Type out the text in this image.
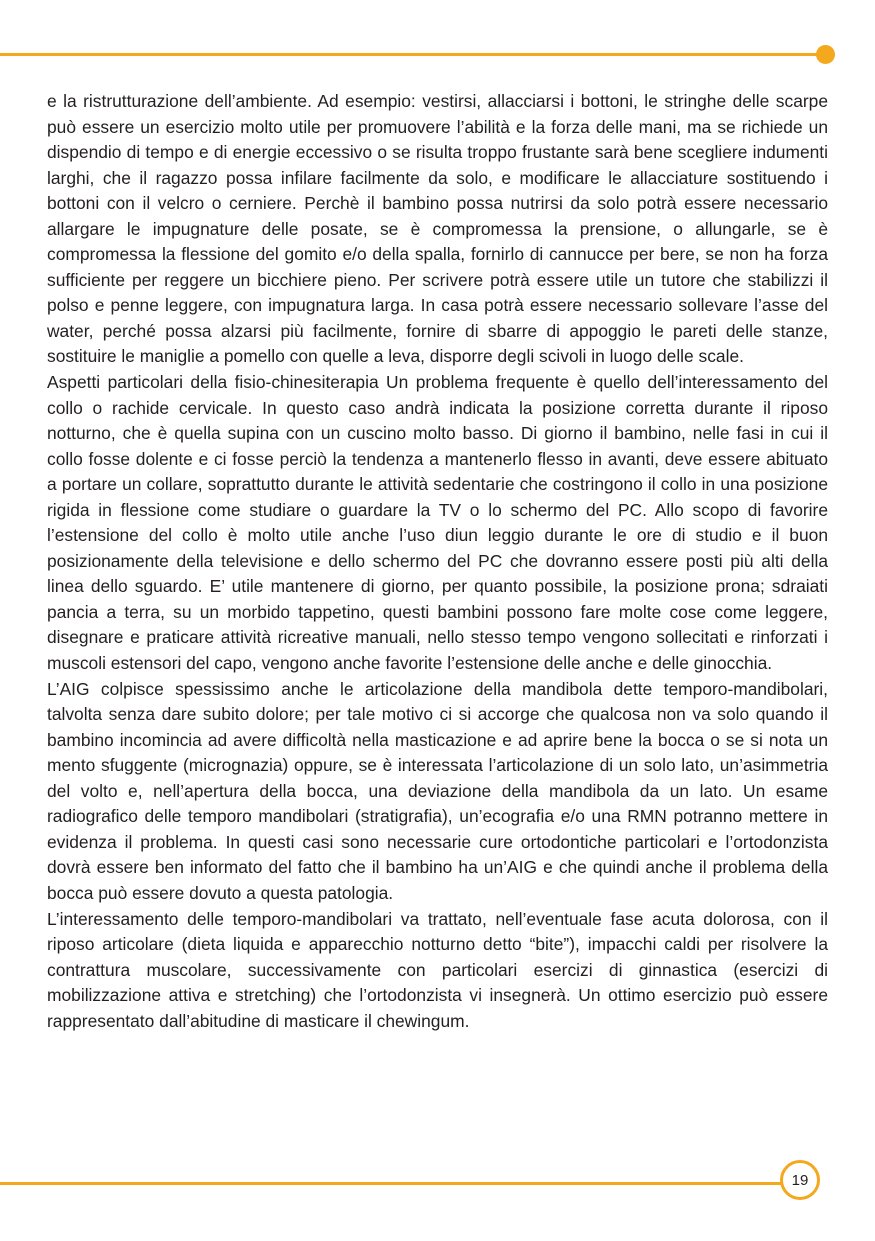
e la ristrutturazione dell’ambiente. Ad esempio: vestirsi, allacciarsi i bottoni, le stringhe delle scarpe può essere un esercizio molto utile per promuovere l’abilità e la forza delle mani, ma se richiede un dispendio di tempo e di energie eccessivo o se risulta troppo frustante sarà bene scegliere indumenti larghi, che il ragazzo possa infilare facilmente da solo, e modificare le allacciature sostituendo i bottoni con il velcro o cerniere. Perchè il bambino possa nutrirsi da solo potrà essere necessario allargare le impugnature delle posate, se è compromessa la prensione, o allungarle, se è compromessa la flessione del gomito e/o della spalla, fornirlo di cannucce per bere, se non ha forza sufficiente per reggere un bicchiere pieno. Per scrivere potrà essere utile un tutore che stabilizzi il polso e penne leggere, con impugnatura larga. In casa potrà essere necessario sollevare l’asse del water, perché possa alzarsi più facilmente, fornire di sbarre di appoggio le pareti delle stanze, sostituire le maniglie a pomello con quelle a leva, disporre degli scivoli in luogo delle scale.

Aspetti particolari della fisio-chinesiterapia Un problema frequente è quello dell’interessamento del collo o rachide cervicale. In questo caso andrà indicata la posizione corretta durante il riposo notturno, che è quella supina con un cuscino molto basso. Di giorno il bambino, nelle fasi in cui il collo fosse dolente e ci fosse perciò la tendenza a mantenerlo flesso in avanti, deve essere abituato a portare un collare, soprattutto durante le attività sedentarie che costringono il collo in una posizione rigida in flessione come studiare o guardare la TV o lo schermo del PC. Allo scopo di favorire l’estensione del collo è molto utile anche l’uso diun leggio durante le ore di studio e il buon posizionamente della televisione e dello schermo del PC che dovranno essere posti più alti della linea dello sguardo. E’ utile mantenere di giorno, per quanto possibile, la posizione prona; sdraiati pancia a terra, su un morbido tappetino, questi bambini possono fare molte cose come leggere, disegnare e praticare attività ricreative manuali, nello stesso tempo vengono sollecitati e rinforzati i muscoli estensori del capo, vengono anche favorite l’estensione delle anche e delle ginocchia.

L’AIG colpisce spessissimo anche le articolazione della mandibola dette temporo-mandibolari, talvolta senza dare subito dolore; per tale motivo ci si accorge che qualcosa non va solo quando il bambino incomincia ad avere difficoltà nella masticazione e ad aprire bene la bocca o se si nota un mento sfuggente (micrognazia) oppure, se è interessata l’articolazione di un solo lato, un’asimmetria del volto e, nell’apertura della bocca, una deviazione della mandibola da un lato. Un esame radiografico delle temporo mandibolari (stratigrafia), un’ecografia e/o una RMN potranno mettere in evidenza il problema. In questi casi sono necessarie cure ortodontiche particolari e l’ortodonzista dovrà essere ben informato del fatto che il bambino ha un’AIG e che quindi anche il problema della bocca può essere dovuto a questa patologia.

L’interessamento delle temporo-mandibolari va trattato, nell’eventuale fase acuta dolorosa, con il riposo articolare (dieta liquida e apparecchio notturno detto “bite”), impacchi caldi per risolvere la contrattura muscolare, successivamente con particolari esercizi di ginnastica (esercizi di mobilizzazione attiva e stretching) che l’ortodonzista vi insegnerà. Un ottimo esercizio può essere rappresentato dall’abitudine di masticare il chewingum.

19
